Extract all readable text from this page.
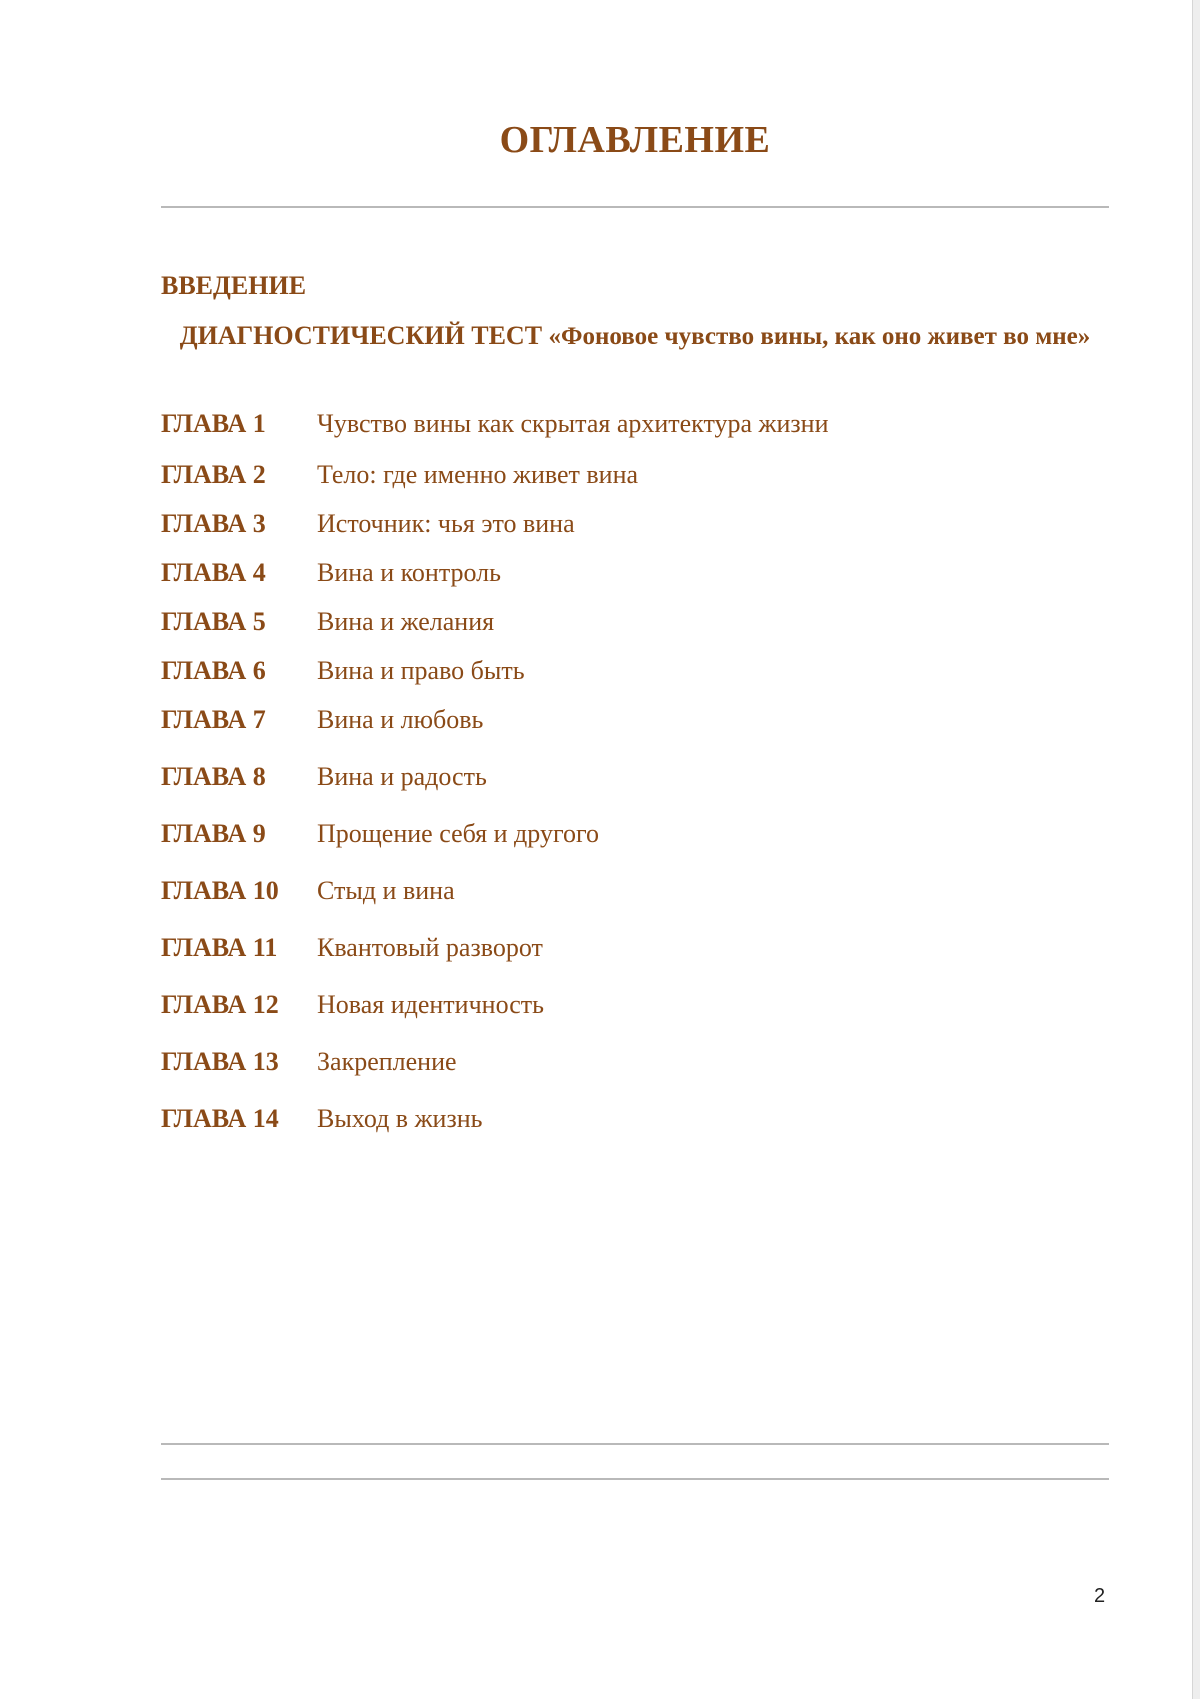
ОГЛАВЛЕНИЕ
ВВЕДЕНИЕ
ДИАГНОСТИЧЕСКИЙ ТЕСТ «Фоновое чувство вины, как оно живет во мне»
ГЛАВА 1 Чувство вины как скрытая архитектура жизни
ГЛАВА 2 Тело: где именно живет вина
ГЛАВА 3 Источник: чья это вина
ГЛАВА 4 Вина и контроль
ГЛАВА 5 Вина и желания
ГЛАВА 6 Вина и право быть
ГЛАВА 7 Вина и любовь
ГЛАВА 8 Вина и радость
ГЛАВА 9 Прощение себя и другого
ГЛАВА 10 Стыд и вина
ГЛАВА 11 Квантовый разворот
ГЛАВА 12 Новая идентичность
ГЛАВА 13 Закрепление
ГЛАВА 14 Выход в жизнь
2
